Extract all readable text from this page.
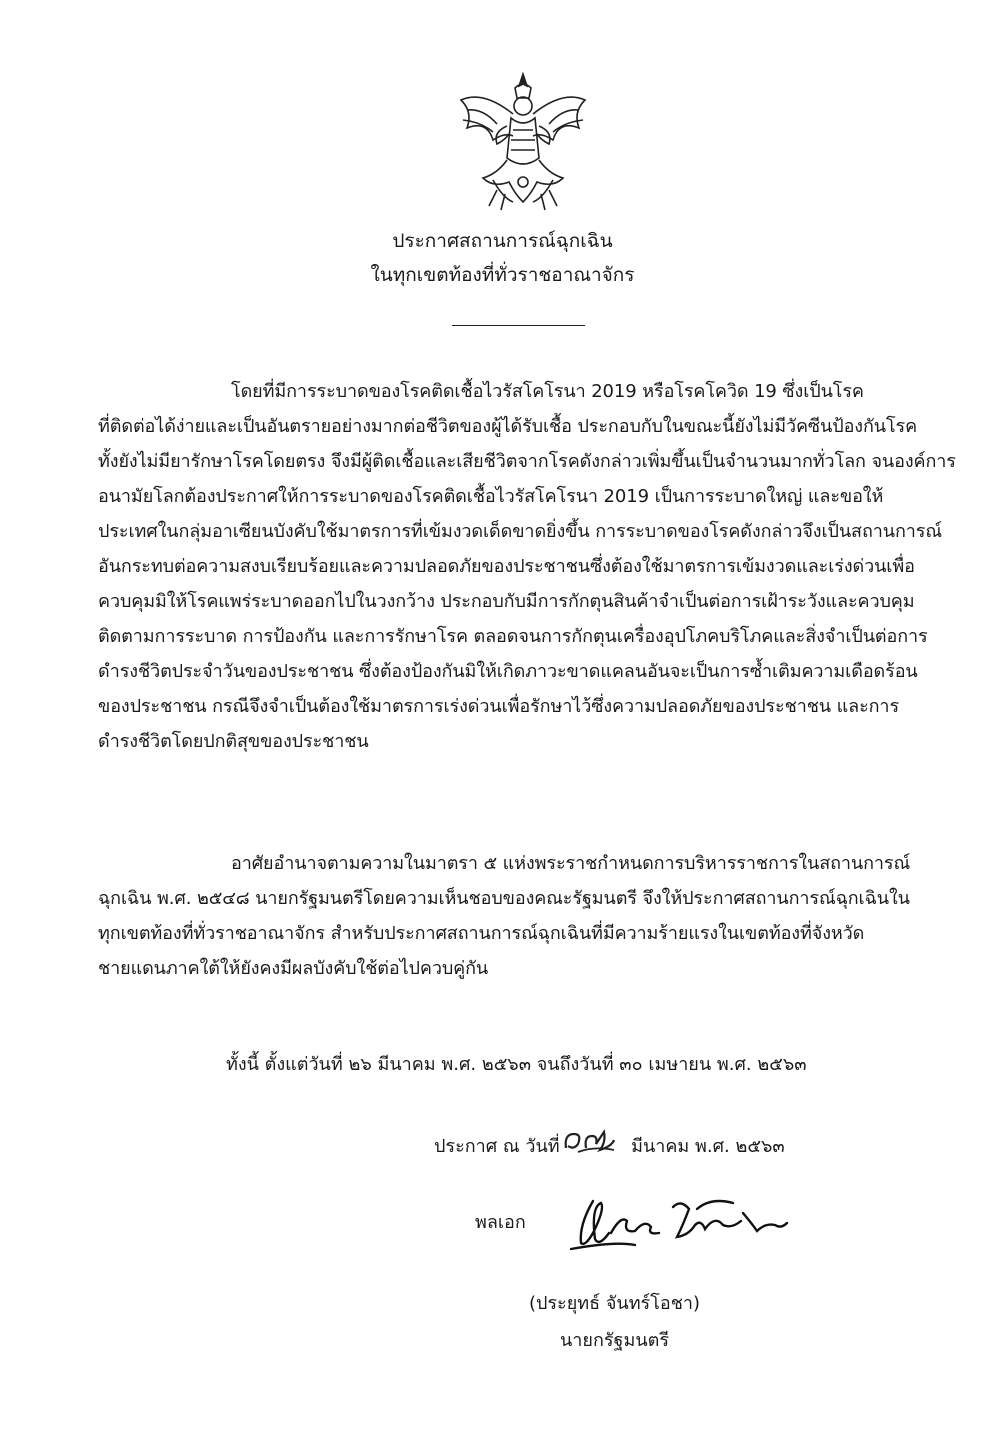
ประกาศสถานการณ์ฉุกเฉิน
ในทุกเขตท้องที่ทั่วราชอาณาจักร
โดยที่มีการระบาดของโรคติดเชื้อไวรัสโคโรนา 2019 หรือโรคโควิด 19 ซึ่งเป็นโรค
ที่ติดต่อได้ง่ายและเป็นอันตรายอย่างมากต่อชีวิตของผู้ได้รับเชื้อ ประกอบกับในขณะนี้ยังไม่มีวัคซีนป้องกันโรค
ทั้งยังไม่มียารักษาโรคโดยตรง จึงมีผู้ติดเชื้อและเสียชีวิตจากโรคดังกล่าวเพิ่มขึ้นเป็นจำนวนมากทั่วโลก จนองค์การ
อนามัยโลกต้องประกาศให้การระบาดของโรคติดเชื้อไวรัสโคโรนา 2019 เป็นการระบาดใหญ่ และขอให้
ประเทศในกลุ่มอาเซียนบังคับใช้มาตรการที่เข้มงวดเด็ดขาดยิ่งขึ้น การระบาดของโรคดังกล่าวจึงเป็นสถานการณ์
อันกระทบต่อความสงบเรียบร้อยและความปลอดภัยของประชาชนซึ่งต้องใช้มาตรการเข้มงวดและเร่งด่วนเพื่อ
ควบคุมมิให้โรคแพร่ระบาดออกไปในวงกว้าง ประกอบกับมีการกักตุนสินค้าจำเป็นต่อการเฝ้าระวังและควบคุม
ติดตามการระบาด การป้องกัน และการรักษาโรค ตลอดจนการกักตุนเครื่องอุปโภคบริโภคและสิ่งจำเป็นต่อการ
ดำรงชีวิตประจำวันของประชาชน ซึ่งต้องป้องกันมิให้เกิดภาวะขาดแคลนอันจะเป็นการซ้ำเติมความเดือดร้อน
ของประชาชน กรณีจึงจำเป็นต้องใช้มาตรการเร่งด่วนเพื่อรักษาไว้ซึ่งความปลอดภัยของประชาชน และการ
ดำรงชีวิตโดยปกติสุขของประชาชน
อาศัยอำนาจตามความในมาตรา ๕ แห่งพระราชกำหนดการบริหารราชการในสถานการณ์
ฉุกเฉิน พ.ศ. ๒๕๔๘ นายกรัฐมนตรีโดยความเห็นชอบของคณะรัฐมนตรี จึงให้ประกาศสถานการณ์ฉุกเฉินใน
ทุกเขตท้องที่ทั่วราชอาณาจักร สำหรับประกาศสถานการณ์ฉุกเฉินที่มีความร้ายแรงในเขตท้องที่จังหวัด
ชายแดนภาคใต้ให้ยังคงมีผลบังคับใช้ต่อไปควบคู่กัน
ทั้งนี้ ตั้งแต่วันที่ ๒๖ มีนาคม พ.ศ. ๒๕๖๓ จนถึงวันที่ ๓๐ เมษายน พ.ศ. ๒๕๖๓
ประกาศ ณ วันที่	มีนาคม พ.ศ. ๒๕๖๓
พลเอก
(ประยุทธ์ จันทร์โอชา)
นายกรัฐมนตรี
